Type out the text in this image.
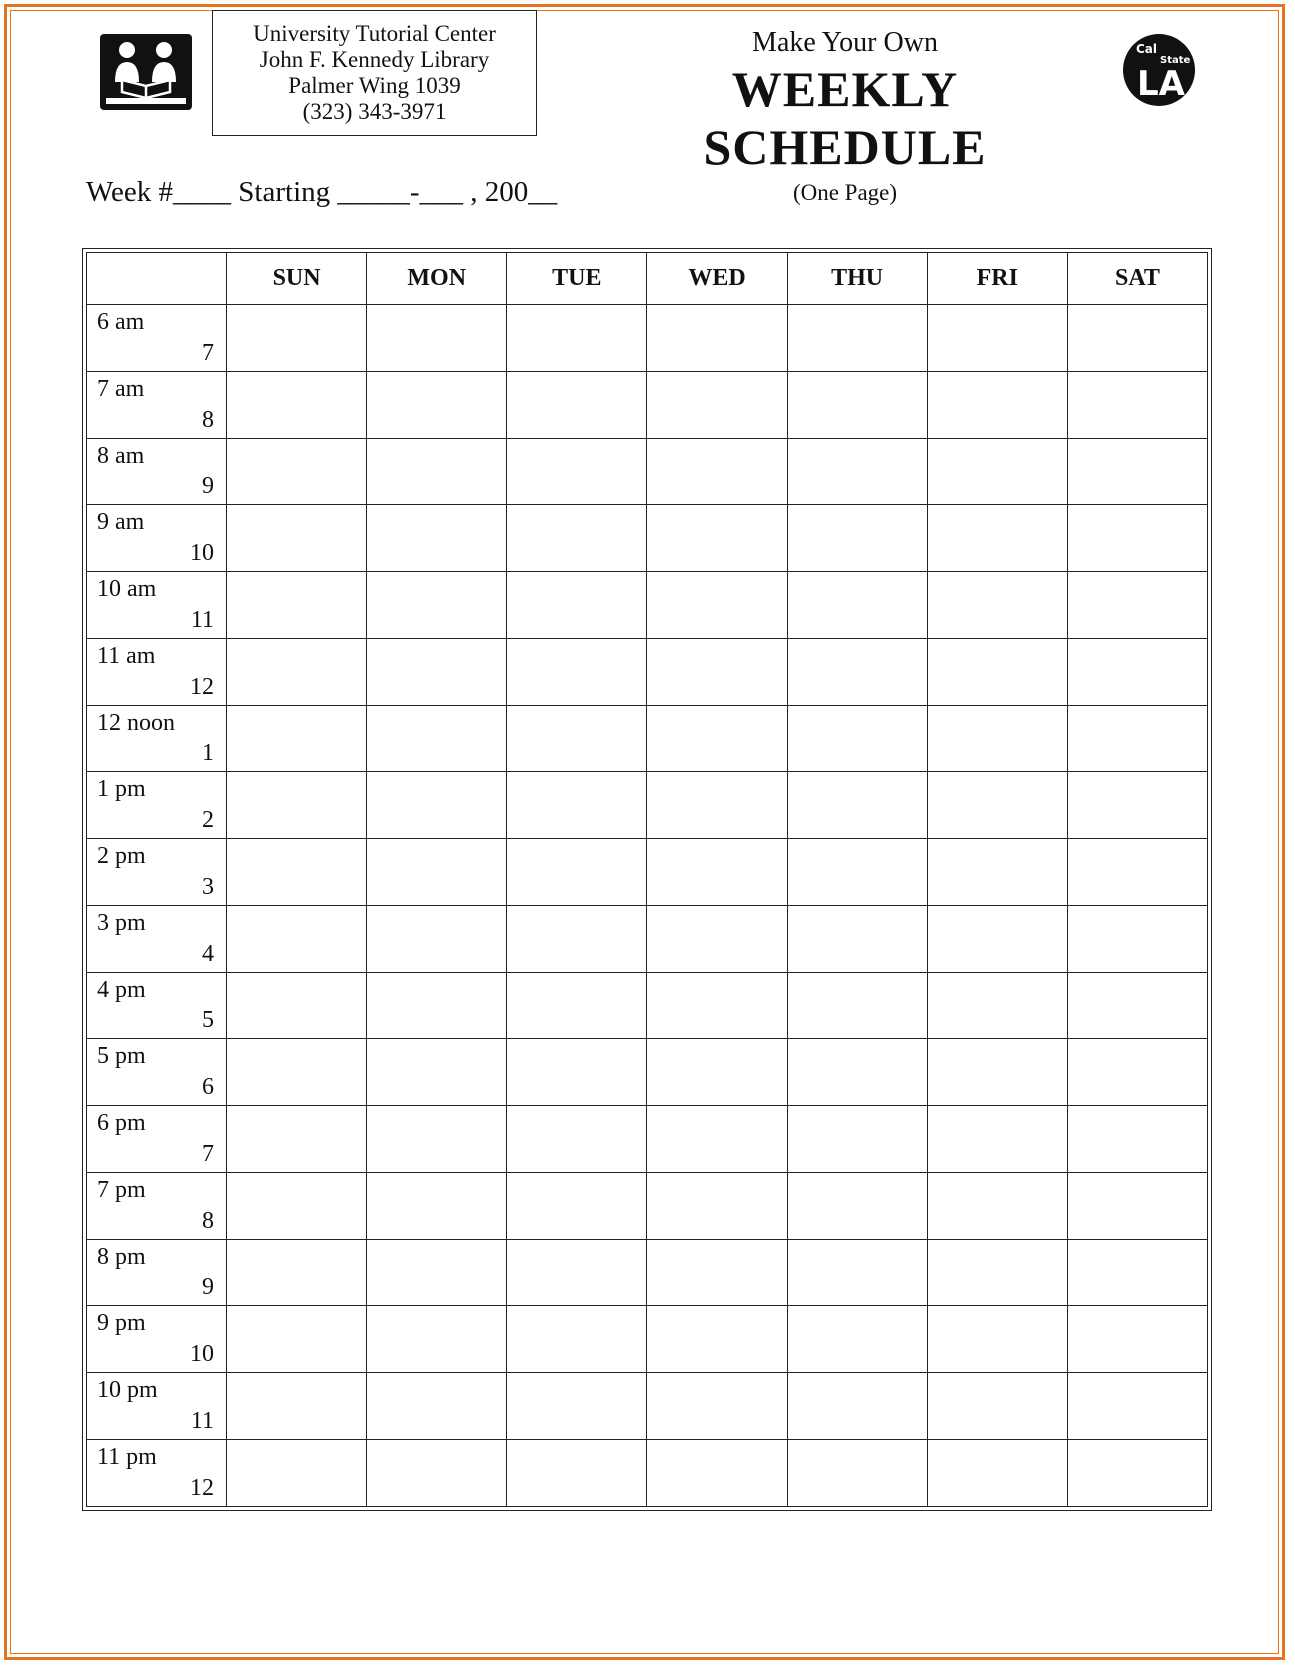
University Tutorial Center
John F. Kennedy Library
Palmer Wing 1039
(323) 343-3971
Make Your Own
WEEKLY
SCHEDULE
(One Page)
Cal
State
LA
Week #____ Starting _____-___ , 200__
	SUN	MON	TUE	WED	THU	FRI	SAT

6 am
7							

7 am
8							

8 am
9							

9 am
10							

10 am
11							

11 am
12							

12 noon
1							

1 pm
2							

2 pm
3							

3 pm
4							

4 pm
5							

5 pm
6							

6 pm
7							

7 pm
8							

8 pm
9							

9 pm
10							

10 pm
11							

11 pm
12							
